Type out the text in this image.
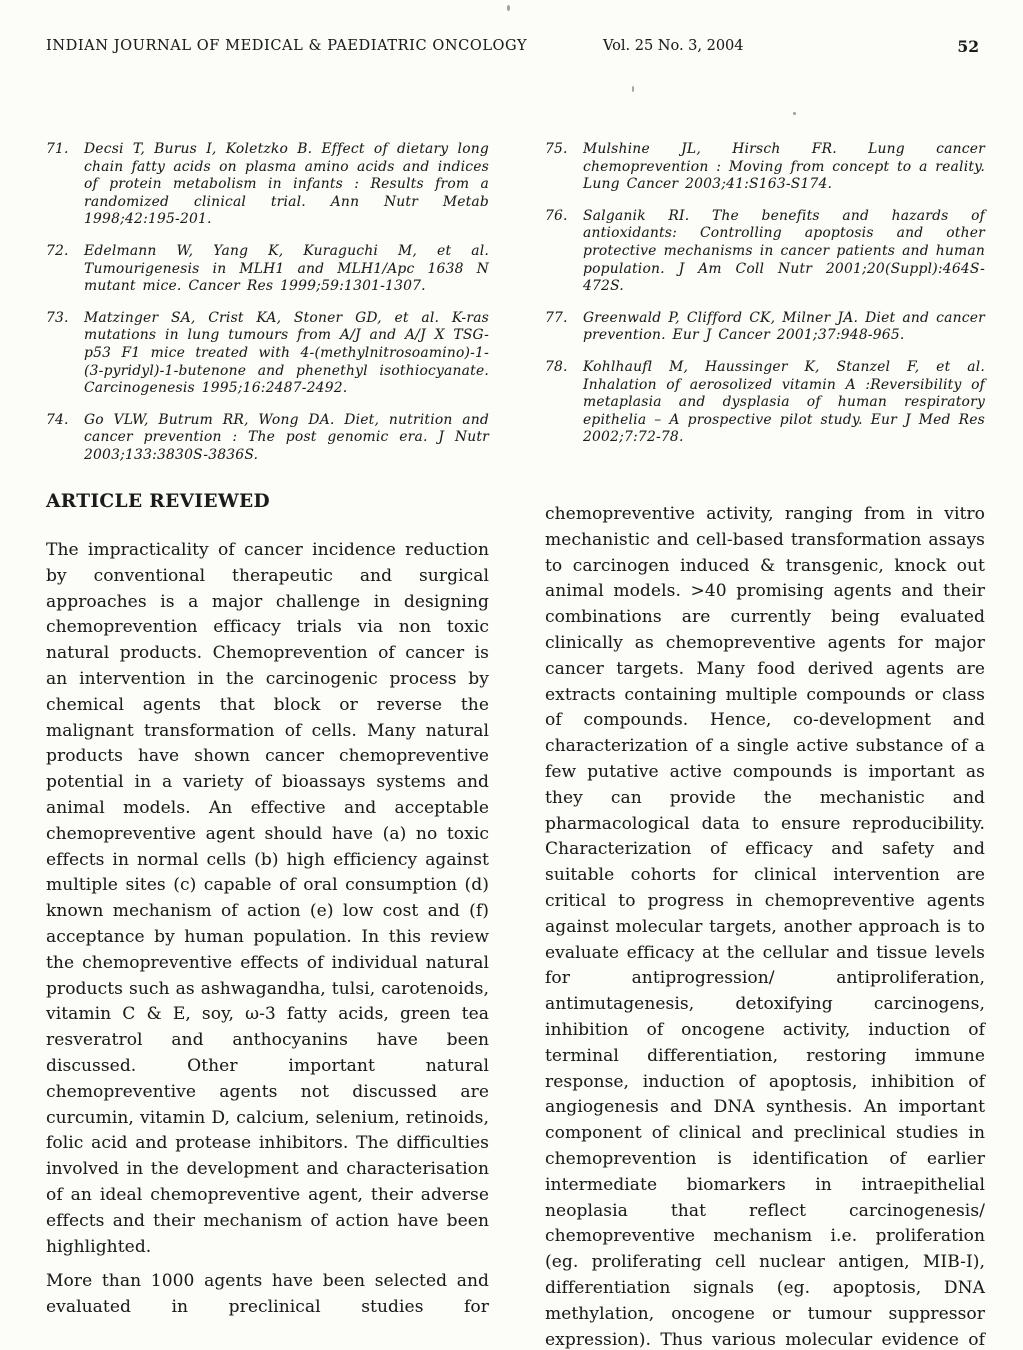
INDIAN JOURNAL OF MEDICAL & PAEDIATRIC ONCOLOGY	Vol. 25 No. 3, 2004	52
71.	Decsi T, Burus I, Koletzko B. Effect of dietary long chain fatty acids on plasma amino acids and indices of protein metabolism in infants : Results from a randomized clinical trial. Ann Nutr Metab 1998;42:195-201.
72.	Edelmann W, Yang K, Kuraguchi M, et al. Tumourigenesis in MLH1 and MLH1/Apc 1638 N mutant mice. Cancer Res 1999;59:1301-1307.
73.	Matzinger SA, Crist KA, Stoner GD, et al. K-ras mutations in lung tumours from A/J and A/J X TSG-p53 F1 mice treated with 4-(methylnitrosoamino)-1-(3-pyridyl)-1-butenone and phenethyl isothiocyanate. Carcinogenesis 1995;16:2487-2492.
74.	Go VLW, Butrum RR, Wong DA. Diet, nutrition and cancer prevention : The post genomic era. J Nutr 2003;133:3830S-3836S.
75.	Mulshine JL, Hirsch FR. Lung cancer chemoprevention : Moving from concept to a reality. Lung Cancer 2003;41:S163-S174.
76.	Salganik RI. The benefits and hazards of antioxidants: Controlling apoptosis and other protective mechanisms in cancer patients and human population. J Am Coll Nutr 2001;20(Suppl):464S-472S.
77.	Greenwald P, Clifford CK, Milner JA. Diet and cancer prevention. Eur J Cancer 2001;37:948-965.
78.	Kohlhaufl M, Haussinger K, Stanzel F, et al. Inhalation of aerosolized vitamin A :Reversibility of metaplasia and dysplasia of human respiratory epithelia – A prospective pilot study. Eur J Med Res 2002;7:72-78.
ARTICLE REVIEWED

The impracticality of cancer incidence reduction by conventional therapeutic and surgical approaches is a major challenge in designing chemoprevention efficacy trials via non toxic natural products. Chemoprevention of cancer is an intervention in the carcinogenic process by chemical agents that block or reverse the malignant transformation of cells. Many natural products have shown cancer chemopreventive potential in a variety of bioassays systems and animal models. An effective and acceptable chemopreventive agent should have (a) no toxic effects in normal cells (b) high efficiency against multiple sites (c) capable of oral consumption (d) known mechanism of action (e) low cost and (f) acceptance by human population. In this review the chemopreventive effects of individual natural products such as ashwagandha, tulsi, carotenoids, vitamin C & E, soy, ω-3 fatty acids, green tea resveratrol and anthocyanins have been discussed. Other important natural chemopreventive agents not discussed are curcumin, vitamin D, calcium, selenium, retinoids, folic acid and protease inhibitors. The difficulties involved in the development and characterisation of an ideal chemopreventive agent, their adverse effects and their mechanism of action have been highlighted.

More than 1000 agents have been selected and evaluated in preclinical studies for

chemopreventive activity, ranging from in vitro mechanistic and cell-based transformation assays to carcinogen induced & transgenic, knock out animal models. >40 promising agents and their combinations are currently being evaluated clinically as chemopreventive agents for major cancer targets. Many food derived agents are extracts containing multiple compounds or class of compounds. Hence, co-development and characterization of a single active substance of a few putative active compounds is important as they can provide the mechanistic and pharmacological data to ensure reproducibility. Characterization of efficacy and safety and suitable cohorts for clinical intervention are critical to progress in chemopreventive agents against molecular targets, another approach is to evaluate efficacy at the cellular and tissue levels for antiprogression/ antiproliferation, antimutagenesis, detoxifying carcinogens, inhibition of oncogene activity, induction of terminal differentiation, restoring immune response, induction of apoptosis, inhibition of angiogenesis and DNA synthesis. An important component of clinical and preclinical studies in chemoprevention is identification of earlier intermediate biomarkers in intraepithelial neoplasia that reflect carcinogenesis/ chemopreventive mechanism i.e. proliferation (eg. proliferating cell nuclear antigen, MIB-I), differentiation signals (eg. apoptosis, DNA methylation, oncogene or tumour suppressor expression). Thus various molecular evidence of
